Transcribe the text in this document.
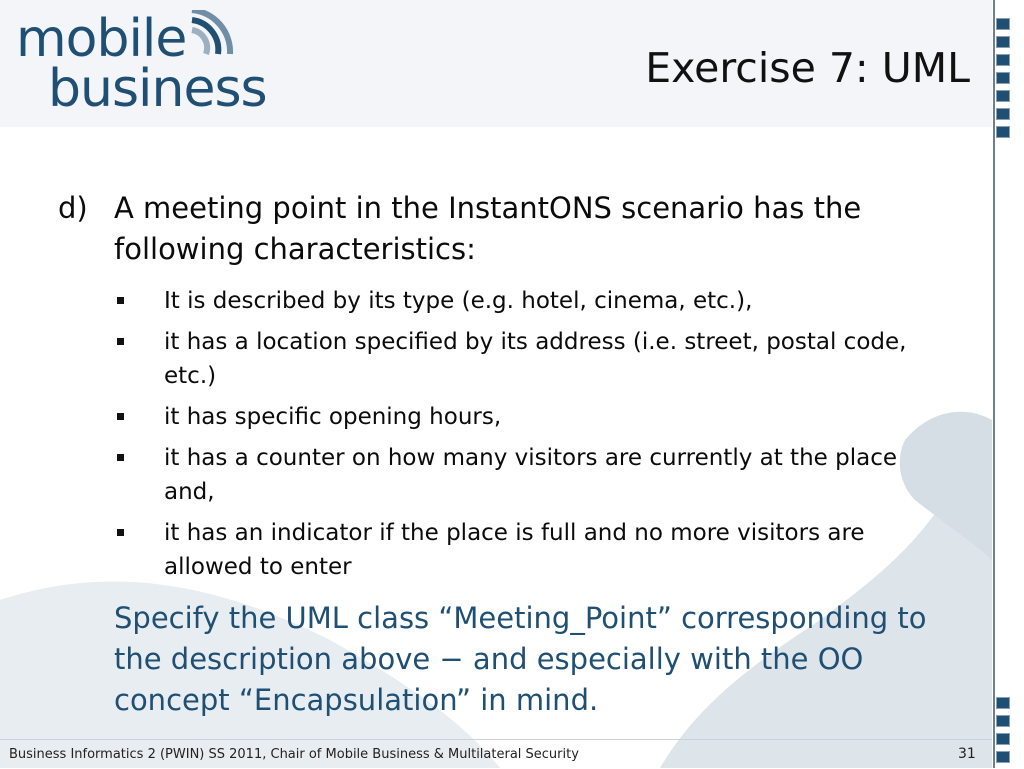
mobile
business	Exercise 7: UML
d) A meeting point in the InstantONS scenario has the following characteristics:
It is described by its type (e.g. hotel, cinema, etc.),
it has a location specified by its address (i.e. street, postal code, etc.)
it has specific opening hours,
it has a counter on how many visitors are currently at the place and,
it has an indicator if the place is full and no more visitors are allowed to enter
Specify the UML class “Meeting_Point” corresponding to the description above − and especially with the OO concept “Encapsulation” in mind.
Business Informatics 2 (PWIN) SS 2011, Chair of Mobile Business & Multilateral Security	31
